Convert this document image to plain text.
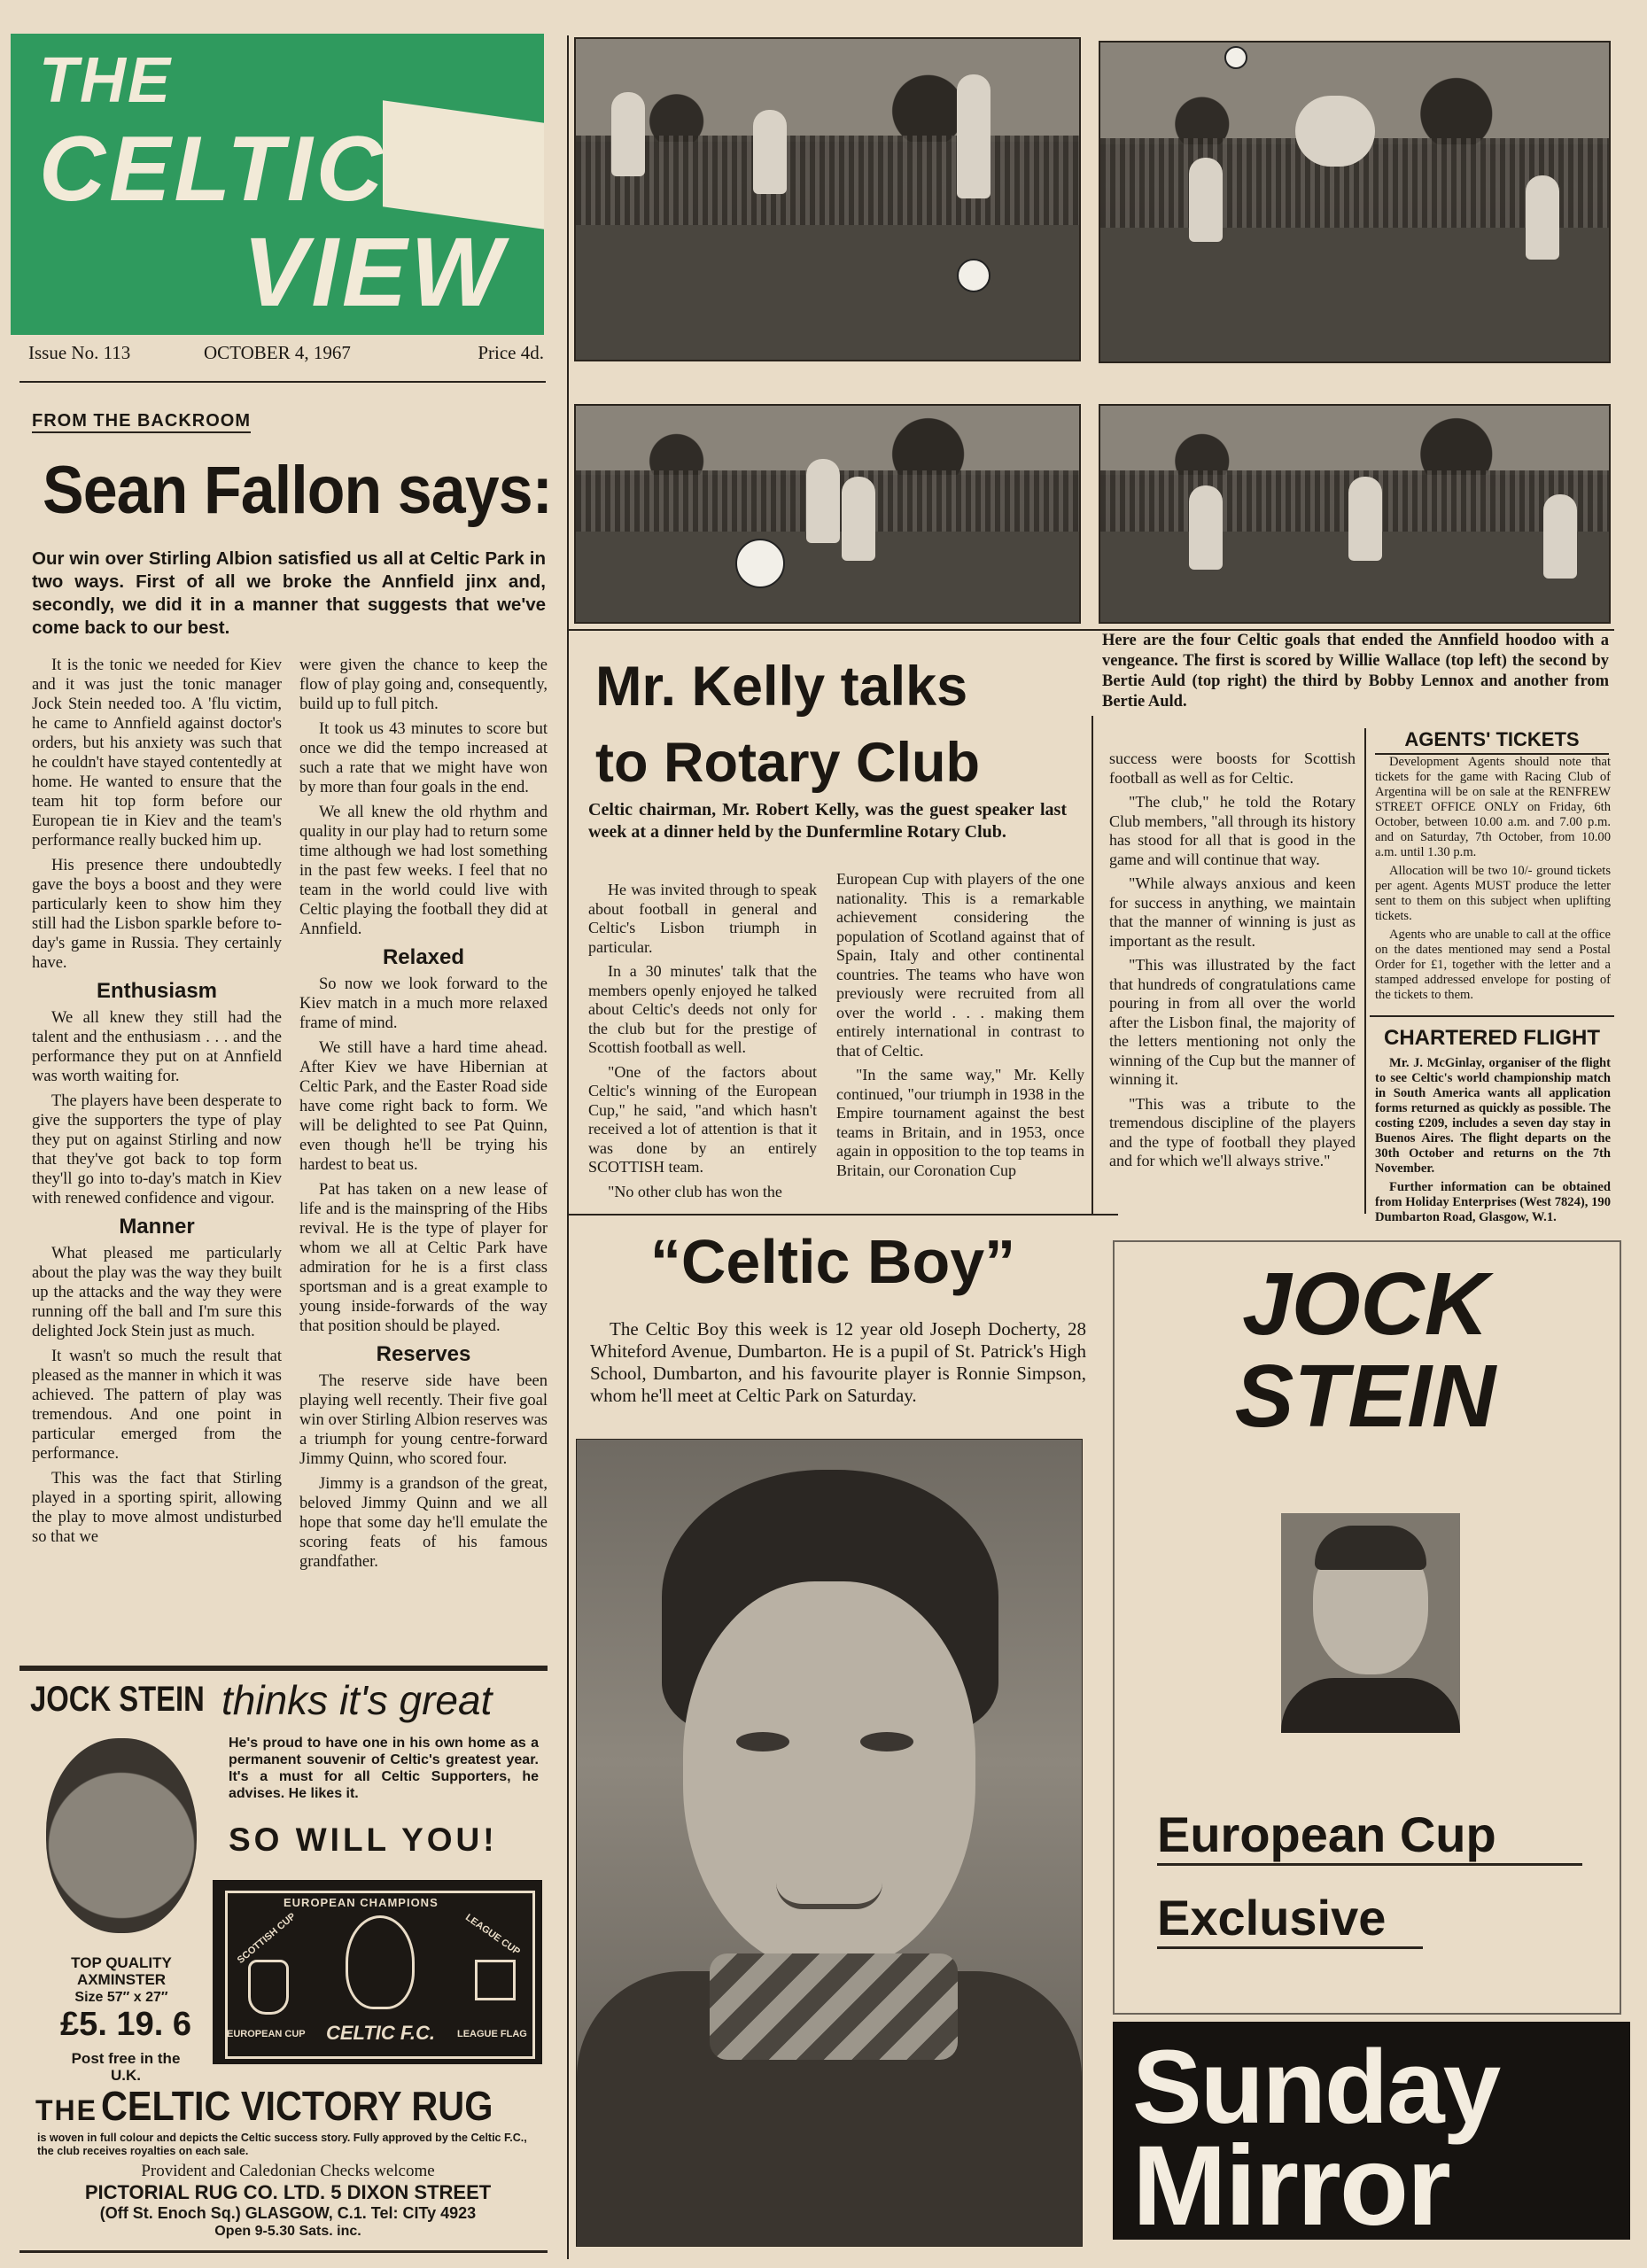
THE
CELTIC
VIEW
Issue No. 113	OCTOBER 4, 1967	Price 4d.
FROM THE BACKROOM
Sean Fallon says:
Our win over Stirling Albion satisfied us all at Celtic Park in two ways. First of all we broke the Annfield jinx and, secondly, we did it in a manner that suggests that we've come back to our best.

It is the tonic we needed for Kiev and it was just the tonic manager Jock Stein needed too. A 'flu victim, he came to Annfield against doctor's orders, but his anxiety was such that he couldn't have stayed contentedly at home. He wanted to ensure that the team hit top form before our European tie in Kiev and the team's performance really bucked him up.

His presence there undoubtedly gave the boys a boost and they were particularly keen to show him they still had the Lisbon sparkle before to-day's game in Russia. They certainly have.

Enthusiasm

We all knew they still had the talent and the enthusiasm . . . and the performance they put on at Annfield was worth waiting for.

The players have been desperate to give the supporters the type of play they put on against Stirling and now that they've got back to top form they'll go into to-day's match in Kiev with renewed confidence and vigour.

Manner

What pleased me particularly about the play was the way they built up the attacks and the way they were running off the ball and I'm sure this delighted Jock Stein just as much.

It wasn't so much the result that pleased as the manner in which it was achieved. The pattern of play was tremendous. And one point in particular emerged from the performance.

This was the fact that Stirling played in a sporting spirit, allowing the play to move almost undisturbed so that we

were given the chance to keep the flow of play going and, consequently, build up to full pitch.

It took us 43 minutes to score but once we did the tempo increased at such a rate that we might have won by more than four goals in the end.

We all knew the old rhythm and quality in our play had to return some time although we had lost something in the past few weeks. I feel that no team in the world could live with Celtic playing the football they did at Annfield.

Relaxed

So now we look forward to the Kiev match in a much more relaxed frame of mind.

We still have a hard time ahead. After Kiev we have Hibernian at Celtic Park, and the Easter Road side have come right back to form. We will be delighted to see Pat Quinn, even though he'll be trying his hardest to beat us.

Pat has taken on a new lease of life and is the mainspring of the Hibs revival. He is the type of player for whom we all at Celtic Park have admiration for he is a first class sportsman and is a great example to young inside-forwards of the way that position should be played.

Reserves

The reserve side have been playing well recently. Their five goal win over Stirling Albion reserves was a triumph for young centre-forward Jimmy Quinn, who scored four.

Jimmy is a grandson of the great, beloved Jimmy Quinn and we all hope that some day he'll emulate the scoring feats of his famous grandfather.

Here are the four Celtic goals that ended the Annfield hoodoo with a vengeance. The first is scored by Willie Wallace (top left) the second by Bertie Auld (top right) the third by Bobby Lennox and another from Bertie Auld.
Mr. Kelly talks
to Rotary Club
Celtic chairman, Mr. Robert Kelly, was the guest speaker last week at a dinner held by the Dunfermline Rotary Club.

He was invited through to speak about football in general and Celtic's Lisbon triumph in particular.

In a 30 minutes' talk that the members openly enjoyed he talked about Celtic's deeds not only for the club but for the prestige of Scottish football as well.

"One of the factors about Celtic's winning of the European Cup," he said, "and which hasn't received a lot of attention is that it was done by an entirely SCOTTISH team.

"No other club has won the

European Cup with players of the one nationality. This is a remarkable achievement considering the population of Scotland against that of Spain, Italy and other continental countries. The teams who have won previously were recruited from all over the world . . . making them entirely international in contrast to that of Celtic.

"In the same way," Mr. Kelly continued, "our triumph in 1938 in the Empire tournament against the best teams in Britain, and in 1953, once again in opposition to the top teams in Britain, our Coronation Cup

success were boosts for Scottish football as well as for Celtic.

"The club," he told the Rotary Club members, "all through its history has stood for all that is good in the game and will continue that way.

"While always anxious and keen for success in anything, we maintain that the manner of winning is just as important as the result.

"This was illustrated by the fact that hundreds of congratulations came pouring in from all over the world after the Lisbon final, the majority of the letters mentioning not only the winning of the Cup but the manner of winning it.

"This was a tribute to the tremendous discipline of the players and the type of football they played and for which we'll always strive."

AGENTS' TICKETS

Development Agents should note that tickets for the game with Racing Club of Argentina will be on sale at the RENFREW STREET OFFICE ONLY on Friday, 6th October, between 10.00 a.m. and 7.00 p.m. and on Saturday, 7th October, from 10.00 a.m. until 1.30 p.m.

Allocation will be two 10/- ground tickets per agent. Agents MUST produce the letter sent to them on this subject when uplifting tickets.

Agents who are unable to call at the office on the dates mentioned may send a Postal Order for £1, together with the letter and a stamped addressed envelope for posting of the tickets to them.

CHARTERED FLIGHT

Mr. J. McGinlay, organiser of the flight to see Celtic's world championship match in South America wants all application forms returned as quickly as possible. The costing £209, includes a seven day stay in Buenos Aires. The flight departs on the 30th October and returns on the 7th November.

Further information can be obtained from Holiday Enterprises (West 7824), 190 Dumbarton Road, Glasgow, W.1.

“Celtic Boy”
The Celtic Boy this week is 12 year old Joseph Docherty, 28 Whiteford Avenue, Dumbarton. He is a pupil of St. Patrick's High School, Dumbarton, and his favourite player is Ronnie Simpson, whom he'll meet at Celtic Park on Saturday.
JOCK
STEIN
European Cup
Exclusive
Sunday
Mirror
JOCK STEIN thinks it's great
He's proud to have one in his own home as a permanent souvenir of Celtic's greatest year. It's a must for all Celtic Supporters, he advises. He likes it.
SO WILL YOU!
EUROPEAN CHAMPIONS
SCOTTISH CUP	LEAGUE CUP
EUROPEAN CUP CELTIC F.C. LEAGUE FLAG
TOP QUALITY AXMINSTER
Size 57″ x 27″
£5. 19. 6
Post free in the U.K.
THE CELTIC VICTORY RUG
is woven in full colour and depicts the Celtic success story. Fully approved by the Celtic F.C., the club receives royalties on each sale.
Provident and Caledonian Checks welcome
PICTORIAL RUG CO. LTD. 5 DIXON STREET
(Off St. Enoch Sq.) GLASGOW, C.1. Tel: CITy 4923
Open 9-5.30 Sats. inc.
